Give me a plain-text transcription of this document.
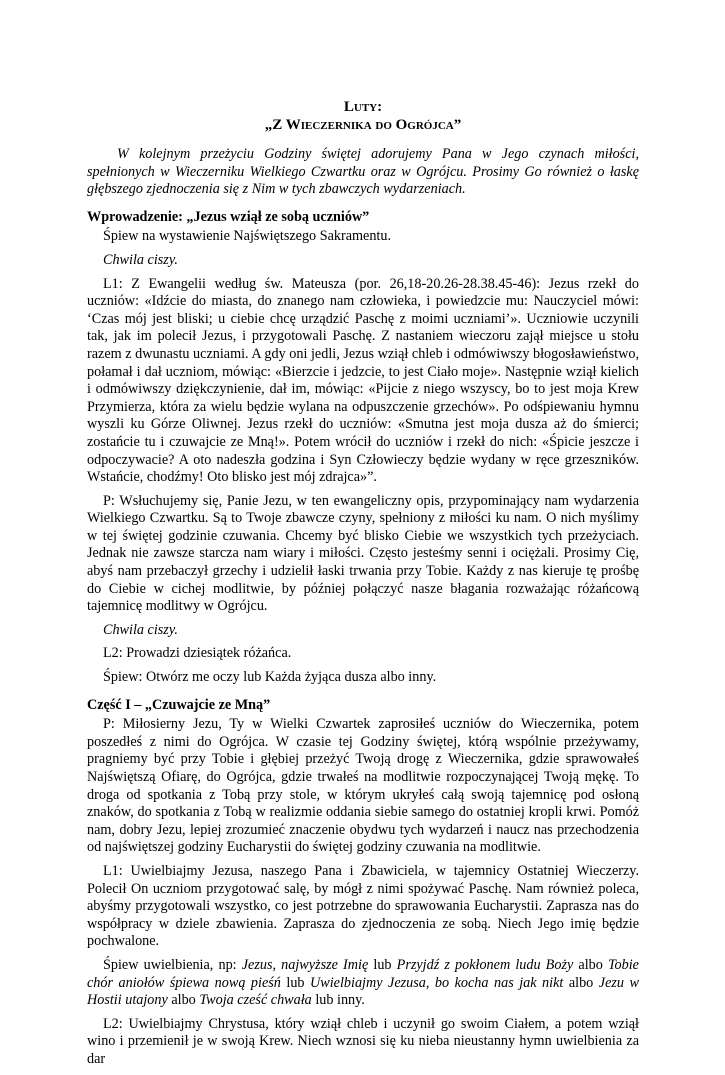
Luty:

„Z Wieczernika do Ogrójca”

W kolejnym przeżyciu Godziny świętej adorujemy Pana w Jego czynach miłości, spełnionych w Wieczerniku Wielkiego Czwartku oraz w Ogrójcu. Prosimy Go również o łaskę głębszego zjednoczenia się z Nim w tych zbawczych wydarzeniach.

Wprowadzenie: „Jezus wziął ze sobą uczniów”

Śpiew na wystawienie Najświętszego Sakramentu.

Chwila ciszy.

L1: Z Ewangelii według św. Mateusza (por. 26,18-20.26-28.38.45-46): Jezus rzekł do uczniów: «Idźcie do miasta, do znanego nam człowieka, i powiedzcie mu: Nauczyciel mówi: ‘Czas mój jest bliski; u ciebie chcę urządzić Paschę z moimi uczniami’». Uczniowie uczynili tak, jak im polecił Jezus, i przygotowali Paschę. Z nastaniem wieczoru zajął miejsce u stołu razem z dwunastu uczniami. A gdy oni jedli, Jezus wziął chleb i odmówiwszy błogosławieństwo, połamał i dał uczniom, mówiąc: «Bierzcie i jedzcie, to jest Ciało moje». Następnie wziął kielich i odmówiwszy dziękczynienie, dał im, mówiąc: «Pijcie z niego wszyscy, bo to jest moja Krew Przymierza, która za wielu będzie wylana na odpuszczenie grzechów». Po odśpiewaniu hymnu wyszli ku Górze Oliwnej. Jezus rzekł do uczniów: «Smutna jest moja dusza aż do śmierci; zostańcie tu i czuwajcie ze Mną!». Potem wrócił do uczniów i rzekł do nich: «Śpicie jeszcze i odpoczywacie? A oto nadeszła godzina i Syn Człowieczy będzie wydany w ręce grzeszników. Wstańcie, chodźmy! Oto blisko jest mój zdrajca»”.

P: Wsłuchujemy się, Panie Jezu, w ten ewangeliczny opis, przypominający nam wydarzenia Wielkiego Czwartku. Są to Twoje zbawcze czyny, spełniony z miłości ku nam. O nich myślimy w tej świętej godzinie czuwania. Chcemy być blisko Ciebie we wszystkich tych przeżyciach. Jednak nie zawsze starcza nam wiary i miłości. Często jesteśmy senni i ociężali. Prosimy Cię, abyś nam przebaczył grzechy i udzielił łaski trwania przy Tobie. Każdy z nas kieruje tę prośbę do Ciebie w cichej modlitwie, by później połączyć nasze błagania rozważając różańcową tajemnicę modlitwy w Ogrójcu.

Chwila ciszy.

L2: Prowadzi dziesiątek różańca.

Śpiew: Otwórz me oczy lub Każda żyjąca dusza albo inny.

Część I – „Czuwajcie ze Mną”

P: Miłosierny Jezu, Ty w Wielki Czwartek zaprosiłeś uczniów do Wieczernika, potem poszedłeś z nimi do Ogrójca. W czasie tej Godziny świętej, którą wspólnie przeżywamy, pragniemy być przy Tobie i głębiej przeżyć Twoją drogę z Wieczernika, gdzie sprawowałeś Najświętszą Ofiarę, do Ogrójca, gdzie trwałeś na modlitwie rozpoczynającej Twoją mękę. To droga od spotkania z Tobą przy stole, w którym ukryłeś całą swoją tajemnicę pod osłoną znaków, do spotkania z Tobą w realizmie oddania siebie samego do ostatniej kropli krwi. Pomóż nam, dobry Jezu, lepiej zrozumieć znaczenie obydwu tych wydarzeń i naucz nas przechodzenia od najświętszej godziny Eucharystii do świętej godziny czuwania na modlitwie.

L1: Uwielbiajmy Jezusa, naszego Pana i Zbawiciela, w tajemnicy Ostatniej Wieczerzy. Polecił On uczniom przygotować salę, by mógł z nimi spożywać Paschę. Nam również poleca, abyśmy przygotowali wszystko, co jest potrzebne do sprawowania Eucharystii. Zaprasza nas do współpracy w dziele zbawienia. Zaprasza do zjednoczenia ze sobą. Niech Jego imię będzie pochwalone.

Śpiew uwielbienia, np: Jezus, najwyższe Imię lub Przyjdź z pokłonem ludu Boży albo Tobie chór aniołów śpiewa nową pieśń lub Uwielbiajmy Jezusa, bo kocha nas jak nikt albo Jezu w Hostii utajony albo Twoja cześć chwała lub inny.

L2: Uwielbiajmy Chrystusa, który wziął chleb i uczynił go swoim Ciałem, a potem wziął wino i przemienił je w swoją Krew. Niech wznosi się ku nieba nieustanny hymn uwielbienia za dar
